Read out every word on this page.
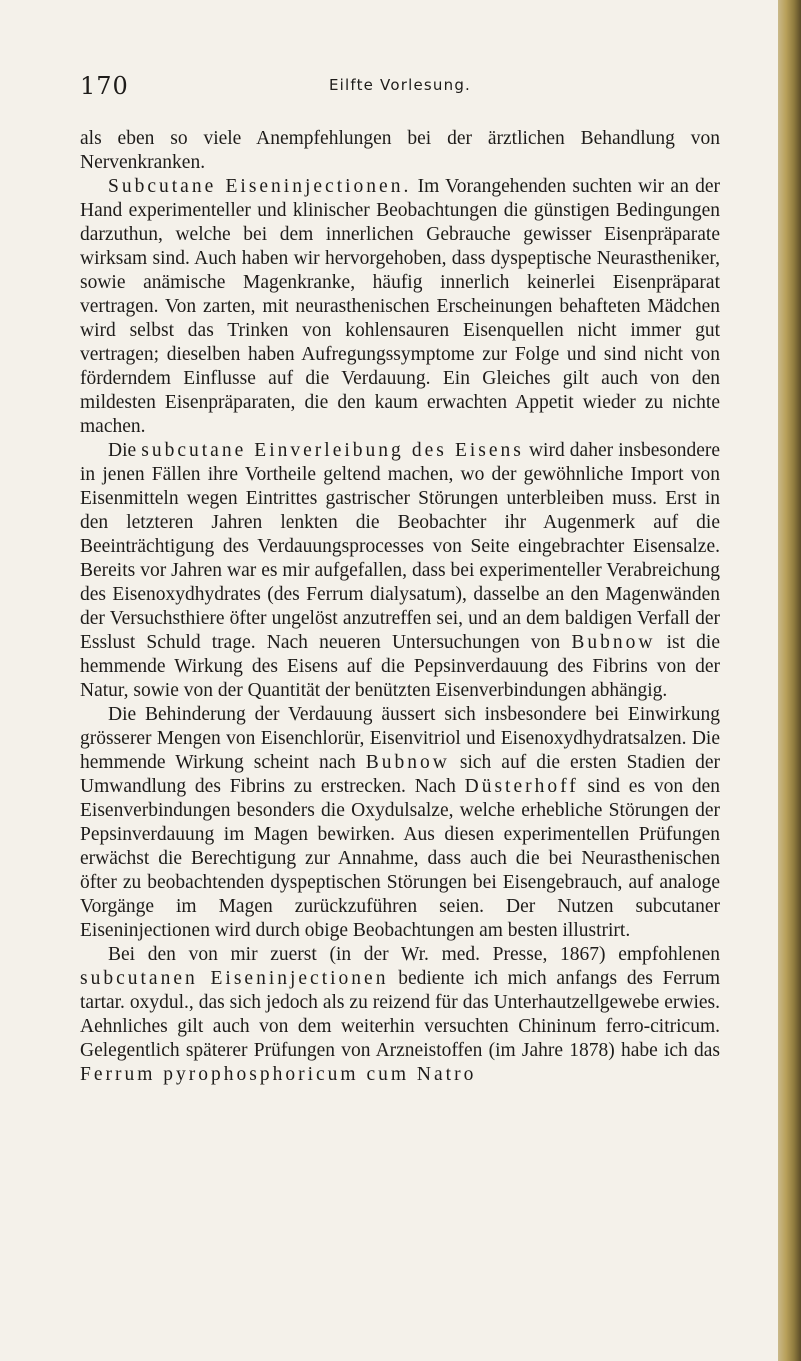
170	Eilfte Vorlesung.

als eben so viele Anempfehlungen bei der ärztlichen Behandlung von Nervenkranken.

Subcutane Eiseninjectionen. Im Vorangehenden suchten wir an der Hand experimenteller und klinischer Beobachtungen die günstigen Bedingungen darzuthun, welche bei dem innerlichen Gebrauche gewisser Eisenpräparate wirksam sind. Auch haben wir hervorgehoben, dass dyspeptische Neurastheniker, sowie anämische Magenkranke, häufig innerlich keinerlei Eisenpräparat vertragen. Von zarten, mit neurasthenischen Erscheinungen behafteten Mädchen wird selbst das Trinken von kohlensauren Eisenquellen nicht immer gut vertragen; dieselben haben Aufregungssymptome zur Folge und sind nicht von förderndem Einflusse auf die Verdauung. Ein Gleiches gilt auch von den mildesten Eisenpräparaten, die den kaum erwachten Appetit wieder zu nichte machen.

Die subcutane Einverleibung des Eisens wird daher insbesondere in jenen Fällen ihre Vortheile geltend machen, wo der gewöhnliche Import von Eisenmitteln wegen Eintrittes gastrischer Störungen unterbleiben muss. Erst in den letzteren Jahren lenkten die Beobachter ihr Augenmerk auf die Beeinträchtigung des Verdauungsprocesses von Seite eingebrachter Eisensalze. Bereits vor Jahren war es mir aufgefallen, dass bei experimenteller Verabreichung des Eisenoxydhydrates (des Ferrum dialysatum), dasselbe an den Magenwänden der Versuchsthiere öfter ungelöst anzutreffen sei, und an dem baldigen Verfall der Esslust Schuld trage. Nach neueren Untersuchungen von Bubnow ist die hemmende Wirkung des Eisens auf die Pepsinverdauung des Fibrins von der Natur, sowie von der Quantität der benützten Eisenverbindungen abhängig.

Die Behinderung der Verdauung äussert sich insbesondere bei Einwirkung grösserer Mengen von Eisenchlorür, Eisenvitriol und Eisenoxydhydratsalzen. Die hemmende Wirkung scheint nach Bubnow sich auf die ersten Stadien der Umwandlung des Fibrins zu erstrecken. Nach Düsterhoff sind es von den Eisenverbindungen besonders die Oxydulsalze, welche erhebliche Störungen der Pepsinverdauung im Magen bewirken. Aus diesen experimentellen Prüfungen erwächst die Berechtigung zur Annahme, dass auch die bei Neurasthenischen öfter zu beobachtenden dyspeptischen Störungen bei Eisengebrauch, auf analoge Vorgänge im Magen zurückzuführen seien. Der Nutzen subcutaner Eiseninjectionen wird durch obige Beobachtungen am besten illustrirt.

Bei den von mir zuerst (in der Wr. med. Presse, 1867) empfohlenen subcutanen Eiseninjectionen bediente ich mich anfangs des Ferrum tartar. oxydul., das sich jedoch als zu reizend für das Unterhautzellgewebe erwies. Aehnliches gilt auch von dem weiterhin versuchten Chininum ferro-citricum. Gelegentlich späterer Prüfungen von Arzneistoffen (im Jahre 1878) habe ich das Ferrum pyrophosphoricum cum Natro
